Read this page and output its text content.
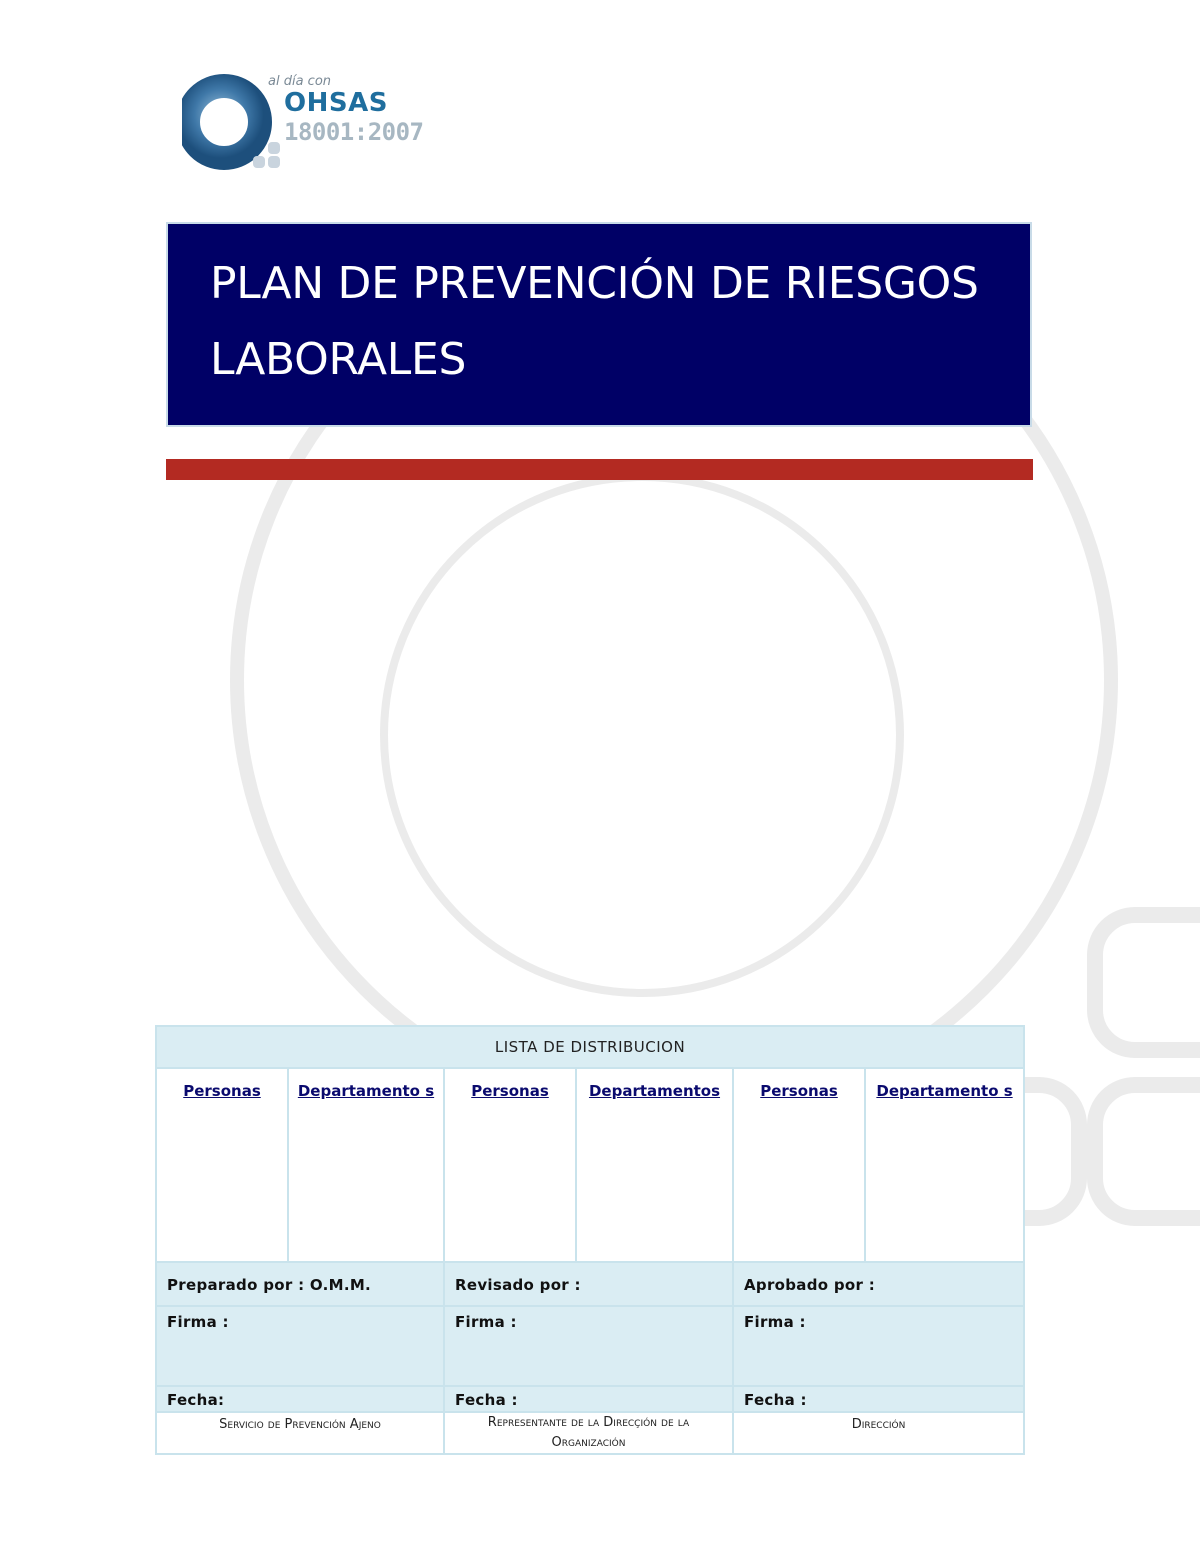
al día con
OHSAS
18001:2007
PLAN DE PREVENCIÓN DE RIESGOS LABORALES
LISTA DE DISTRIBUCION					
Personas	Departamento s	Personas	Departamentos	Personas	Departamento s

Preparado por : O.M.M.		Revisado por :		Aprobado por :	

Firma :		Firma :		Firma :	

Fecha:		Fecha :		Fecha :	

Servicio de Prevención Ajeno		Representante de la Direcçión de la Organización		Dirección	
